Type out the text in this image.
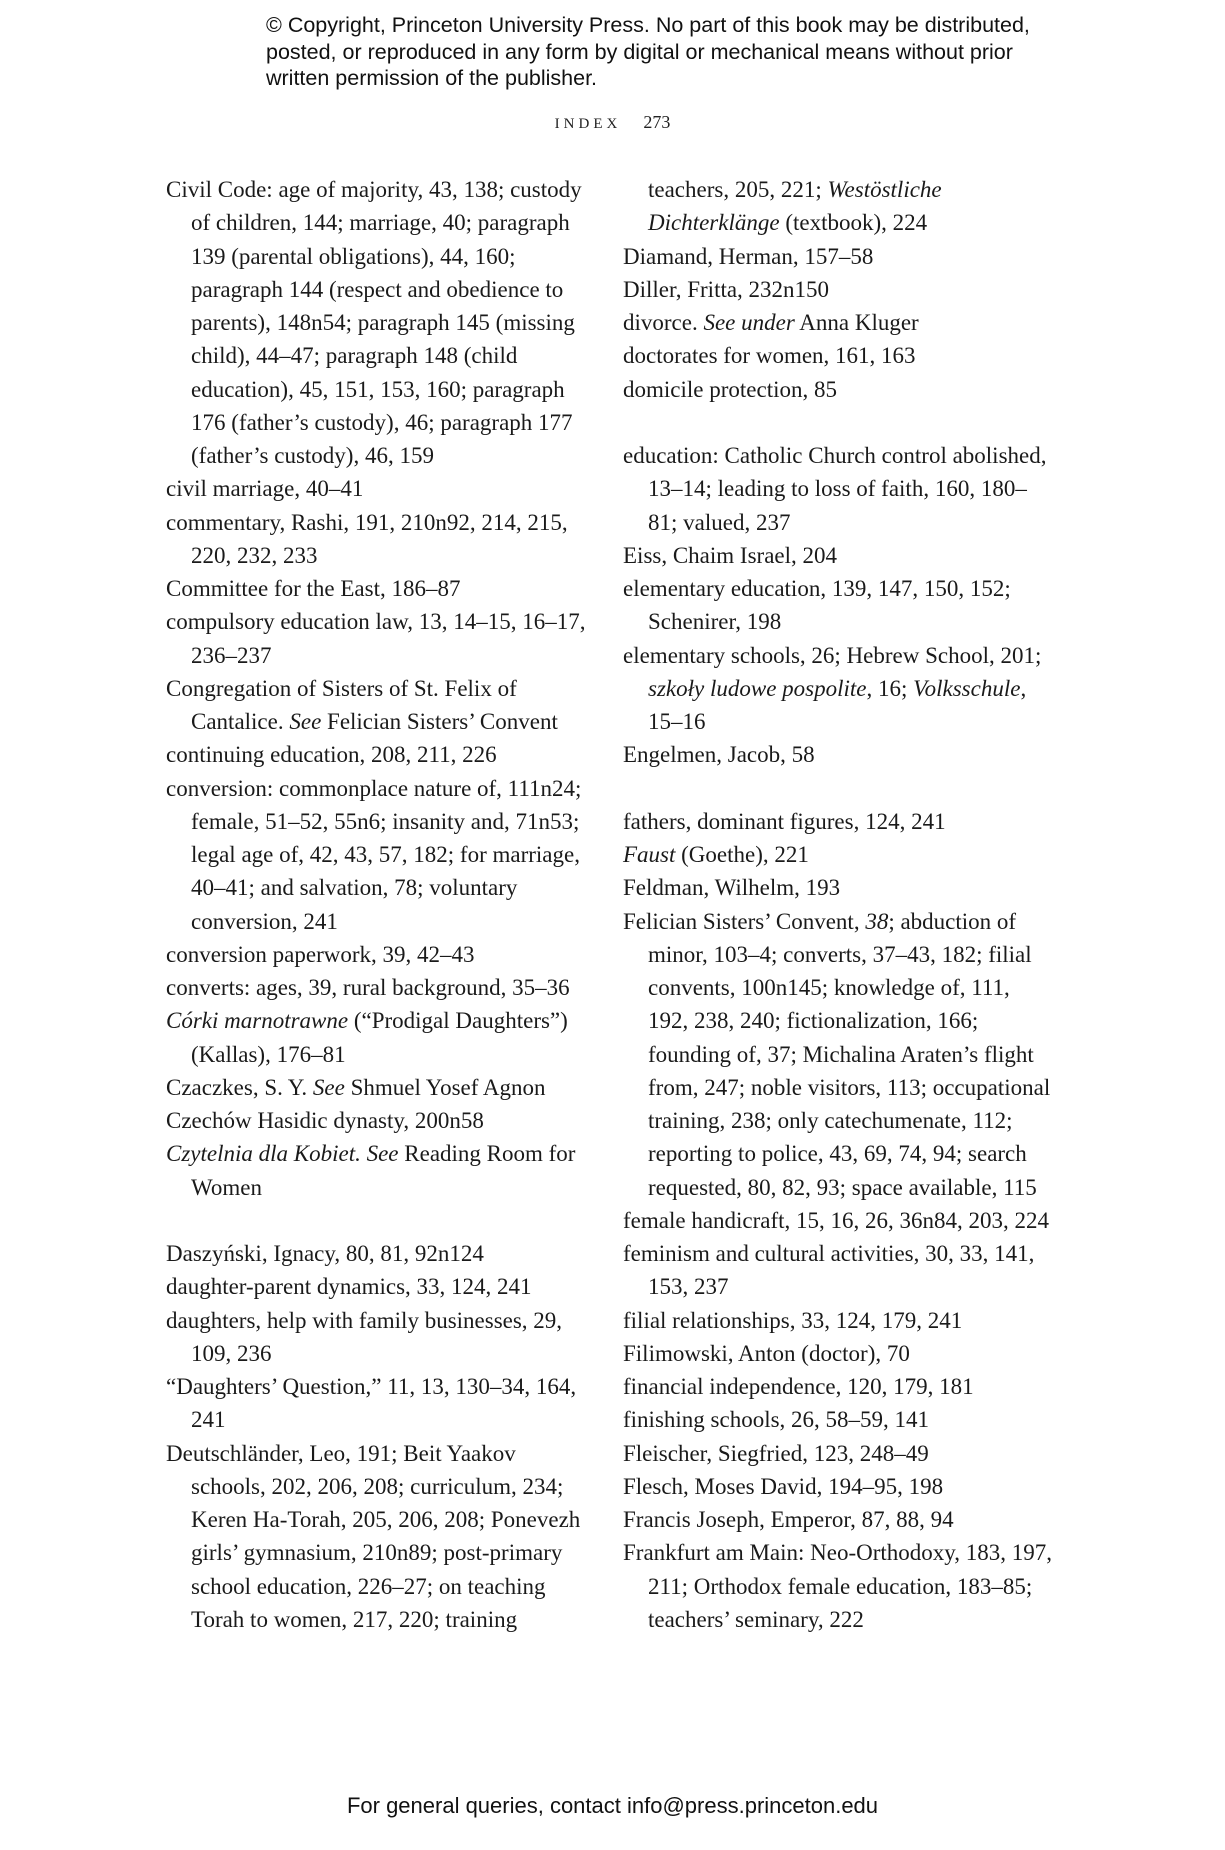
© Copyright, Princeton University Press. No part of this book may be distributed, posted, or reproduced in any form by digital or mechanical means without prior written permission of the publisher.
INDEX 273
Civil Code: age of majority, 43, 138; custody of children, 144; marriage, 40; paragraph 139 (parental obligations), 44, 160; paragraph 144 (respect and obedience to parents), 148n54; paragraph 145 (missing child), 44–47; paragraph 148 (child education), 45, 151, 153, 160; paragraph 176 (father’s custody), 46; paragraph 177 (father’s custody), 46, 159
civil marriage, 40–41
commentary, Rashi, 191, 210n92, 214, 215, 220, 232, 233
Committee for the East, 186–87
compulsory education law, 13, 14–15, 16–17, 236–237
Congregation of Sisters of St. Felix of Cantalice. See Felician Sisters’ Convent
continuing education, 208, 211, 226
conversion: commonplace nature of, 111n24; female, 51–52, 55n6; insanity and, 71n53; legal age of, 42, 43, 57, 182; for marriage, 40–41; and salvation, 78; voluntary conversion, 241
conversion paperwork, 39, 42–43
converts: ages, 39, rural background, 35–36
Córki marnotrawne (“Prodigal Daughters”) (Kallas), 176–81
Czaczkes, S. Y. See Shmuel Yosef Agnon
Czechów Hasidic dynasty, 200n58
Czytelnia dla Kobiet. See Reading Room for Women
Daszyński, Ignacy, 80, 81, 92n124
daughter-parent dynamics, 33, 124, 241
daughters, help with family businesses, 29, 109, 236
“Daughters’ Question,” 11, 13, 130–34, 164, 241
Deutschländer, Leo, 191; Beit Yaakov schools, 202, 206, 208; curriculum, 234; Keren Ha-Torah, 205, 206, 208; Ponevezh girls’ gymnasium, 210n89; post-primary school education, 226–27; on teaching Torah to women, 217, 220; training
teachers, 205, 221; Westöstliche Dichterklänge (textbook), 224
Diamand, Herman, 157–58
Diller, Fritta, 232n150
divorce. See under Anna Kluger
doctorates for women, 161, 163
domicile protection, 85
education: Catholic Church control abolished, 13–14; leading to loss of faith, 160, 180–81; valued, 237
Eiss, Chaim Israel, 204
elementary education, 139, 147, 150, 152; Schenirer, 198
elementary schools, 26; Hebrew School, 201; szkoły ludowe pospolite, 16; Volksschule, 15–16
Engelmen, Jacob, 58
fathers, dominant figures, 124, 241
Faust (Goethe), 221
Feldman, Wilhelm, 193
Felician Sisters’ Convent, 38; abduction of minor, 103–4; converts, 37–43, 182; filial convents, 100n145; knowledge of, 111, 192, 238, 240; fictionalization, 166; founding of, 37; Michalina Araten’s flight from, 247; noble visitors, 113; occupational training, 238; only catechumenate, 112; reporting to police, 43, 69, 74, 94; search requested, 80, 82, 93; space available, 115
female handicraft, 15, 16, 26, 36n84, 203, 224
feminism and cultural activities, 30, 33, 141, 153, 237
filial relationships, 33, 124, 179, 241
Filimowski, Anton (doctor), 70
financial independence, 120, 179, 181
finishing schools, 26, 58–59, 141
Fleischer, Siegfried, 123, 248–49
Flesch, Moses David, 194–95, 198
Francis Joseph, Emperor, 87, 88, 94
Frankfurt am Main: Neo-Orthodoxy, 183, 197, 211; Orthodox female education, 183–85; teachers’ seminary, 222
For general queries, contact info@press.princeton.edu
